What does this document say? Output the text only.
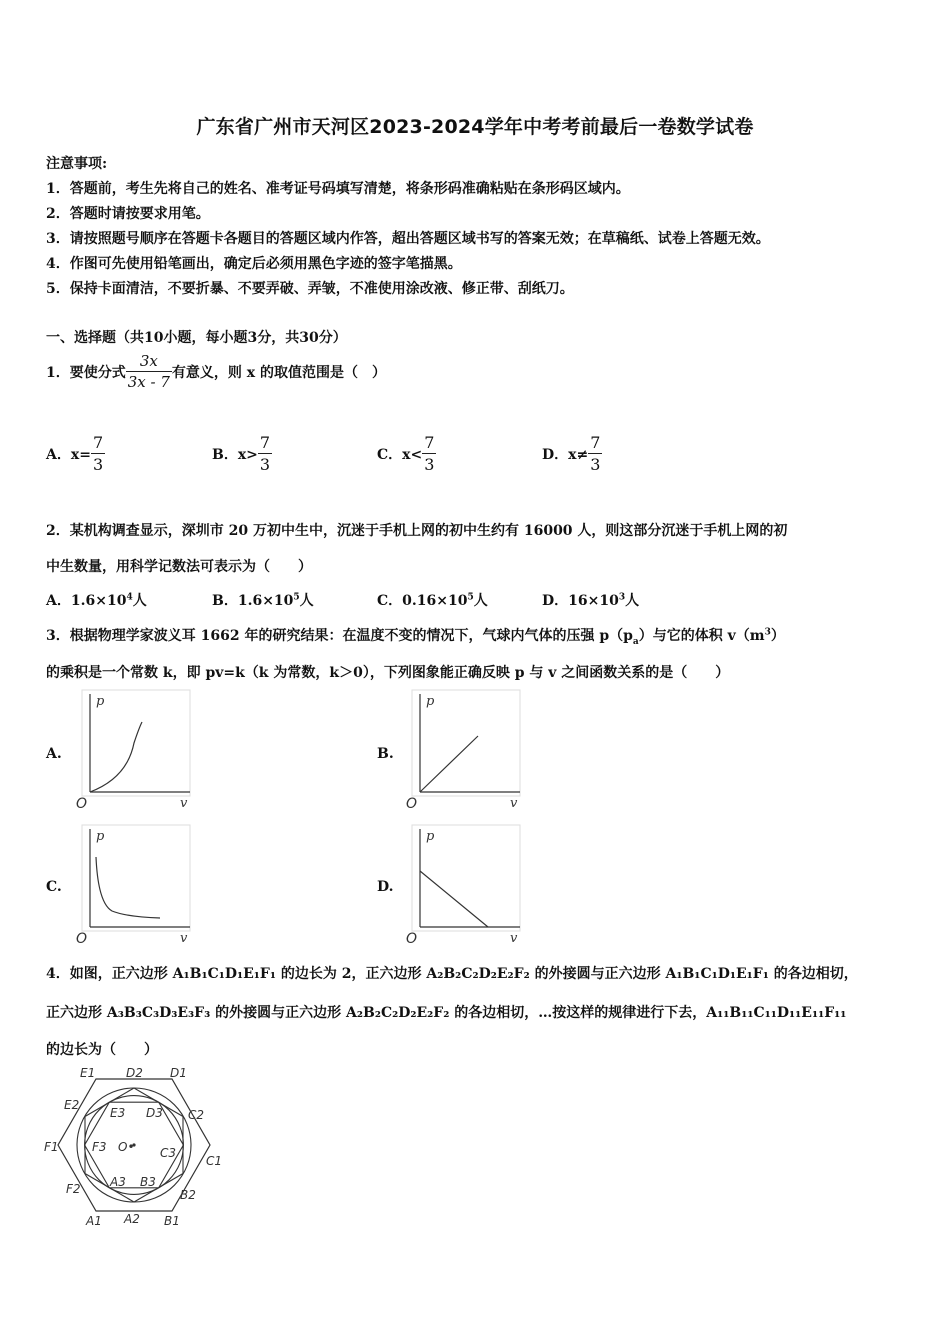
广东省广州市天河区2023-2024学年中考考前最后一卷数学试卷
注意事项:
1．答题前，考生先将自己的姓名、准考证号码填写清楚，将条形码准确粘贴在条形码区域内。
2．答题时请按要求用笔。
3．请按照题号顺序在答题卡各题目的答题区域内作答，超出答题区域书写的答案无效；在草稿纸、试卷上答题无效。
4．作图可先使用铅笔画出，确定后必须用黑色字迹的签字笔描黑。
5．保持卡面清洁，不要折暴、不要弄破、弄皱，不准使用涂改液、修正带、刮纸刀。
一、选择题（共10小题，每小题3分，共30分）
1．要使分式 $\frac{3x}{3x - 7}$ 有意义，则 x 的取值范围是（　）
A．$x= \frac{7}{3}$	B．$x> \frac{7}{3}$	C．$x< \frac{7}{3}$	D．$x\ne \frac{7}{3}$
2．某机构调查显示，深圳市 20 万初中生中，沉迷于手机上网的初中生约有 16000 人，则这部分沉迷于手机上网的初
中生数量，用科学记数法可表示为（　　）
A．$1.6\times 10^4$人	B．$1.6\times 10^5$人	C．$0.16\times 10^5$人	D．$16\times 10^3$人
3．根据物理学家波义耳 1662 年的研究结果：在温度不变的情况下，气球内气体的压强 $p(p_a)$与它的体积 $v(m^3)$
的乘积是一个常数 k，即 pv=k（k 为常数，k＞0），下列图象能正确反映 p 与 v 之间函数关系的是（　　）
A.	B.
C.	D.
p
v
O
p
v
O
p
v
O
p
v
O
4．如图，正六边形 A₁B₁C₁D₁E₁F₁ 的边长为 2，正六边形 A₂B₂C₂D₂E₂F₂ 的外接圆与正六边形 A₁B₁C₁D₁E₁F₁ 的各边相切，
正六边形 A₃B₃C₃D₃E₃F₃ 的外接圆与正六边形 A₂B₂C₂D₂E₂F₂ 的各边相切，…按这样的规律进行下去，A₁₁B₁₁C₁₁D₁₁E₁₁F₁₁
的边长为（　　）
E1	D2 D1
E2
E3 D3 C2
F1	F3 O• C3
C1
A3 B3
F2	B2
A1 A2 B1
